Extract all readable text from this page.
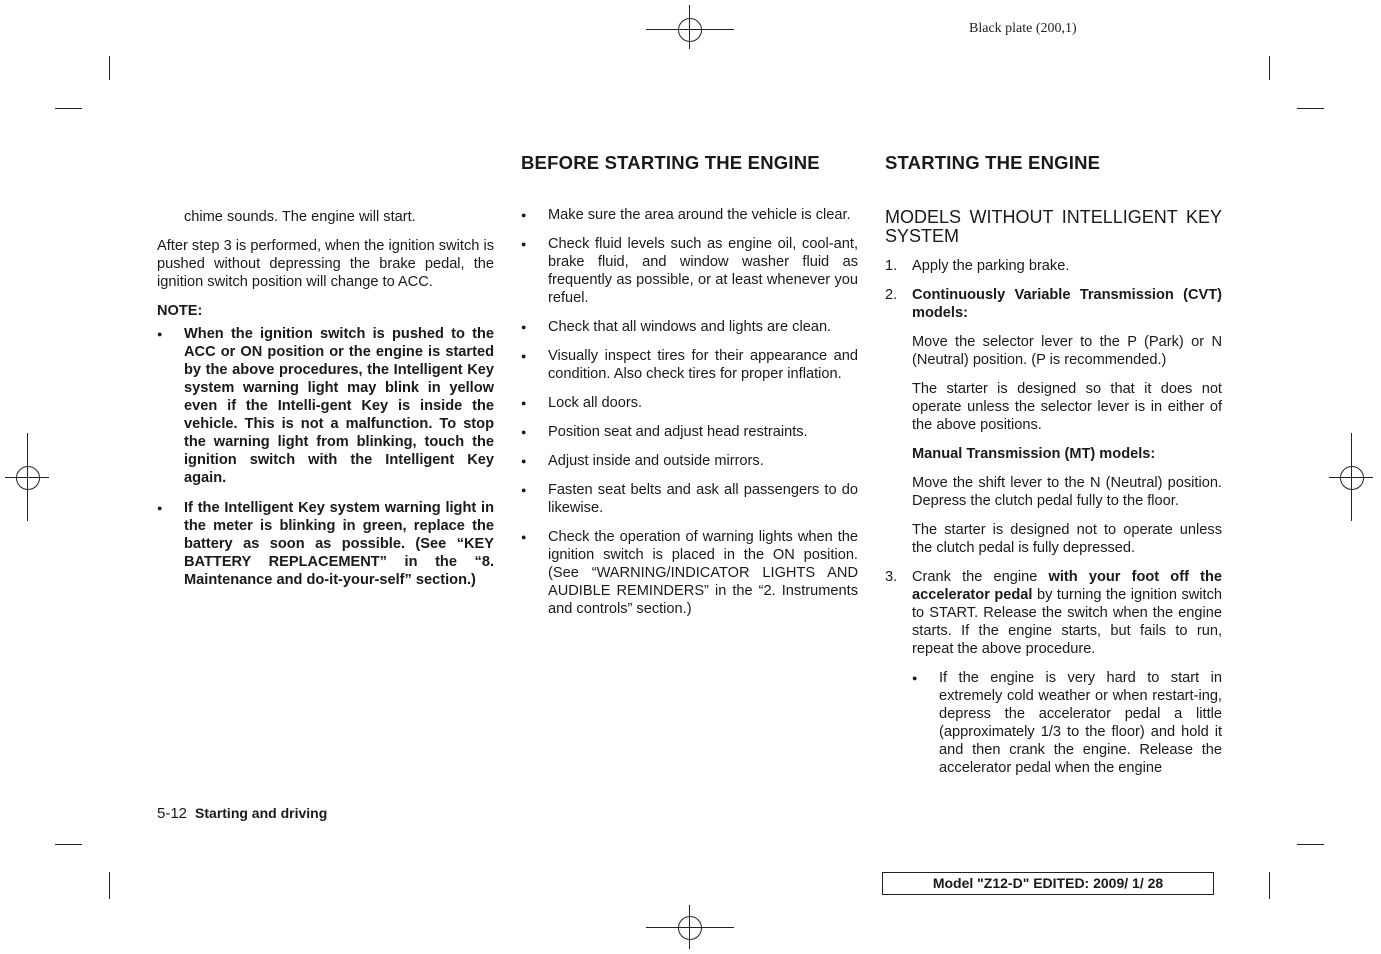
Black plate (200,1)

chime sounds. The engine will start.

After step 3 is performed, when the ignition switch is pushed without depressing the brake pedal, the ignition switch position will change to ACC.

NOTE:

● When the ignition switch is pushed to the ACC or ON position or the engine is started by the above procedures, the Intelligent Key system warning light may blink in yellow even if the Intelli-gent Key is inside the vehicle. This is not a malfunction. To stop the warning light from blinking, touch the ignition switch with the Intelligent Key again.
● If the Intelligent Key system warning light in the meter is blinking in green, replace the battery as soon as possible. (See “KEY BATTERY REPLACEMENT” in the “8. Maintenance and do-it-your-self” section.)
BEFORE STARTING THE ENGINE
● Make sure the area around the vehicle is clear.
● Check fluid levels such as engine oil, cool-ant, brake fluid, and window washer fluid as frequently as possible, or at least whenever you refuel.
● Check that all windows and lights are clean.
● Visually inspect tires for their appearance and condition. Also check tires for proper inflation.
● Lock all doors.
● Position seat and adjust head restraints.
● Adjust inside and outside mirrors.
● Fasten seat belts and ask all passengers to do likewise.
● Check the operation of warning lights when the ignition switch is placed in the ON position. (See “WARNING/INDICATOR LIGHTS AND AUDIBLE REMINDERS” in the “2. Instruments and controls” section.)
STARTING THE ENGINE

MODELS WITHOUT INTELLIGENT KEY SYSTEM

1. Apply the parking brake.
2. Continuously Variable Transmission (CVT) models:

Move the selector lever to the P (Park) or N (Neutral) position. (P is recommended.)

The starter is designed so that it does not operate unless the selector lever is in either of the above positions.

Manual Transmission (MT) models:

Move the shift lever to the N (Neutral) position. Depress the clutch pedal fully to the floor.

The starter is designed not to operate unless the clutch pedal is fully depressed.

3. Crank the engine with your foot off the accelerator pedal by turning the ignition switch to START. Release the switch when the engine starts. If the engine starts, but fails to run, repeat the above procedure.

● If the engine is very hard to start in extremely cold weather or when restart-ing, depress the accelerator pedal a little (approximately 1/3 to the floor) and hold it and then crank the engine. Release the accelerator pedal when the engine
5-12 Starting and driving
Model "Z12-D" EDITED: 2009/ 1/ 28
